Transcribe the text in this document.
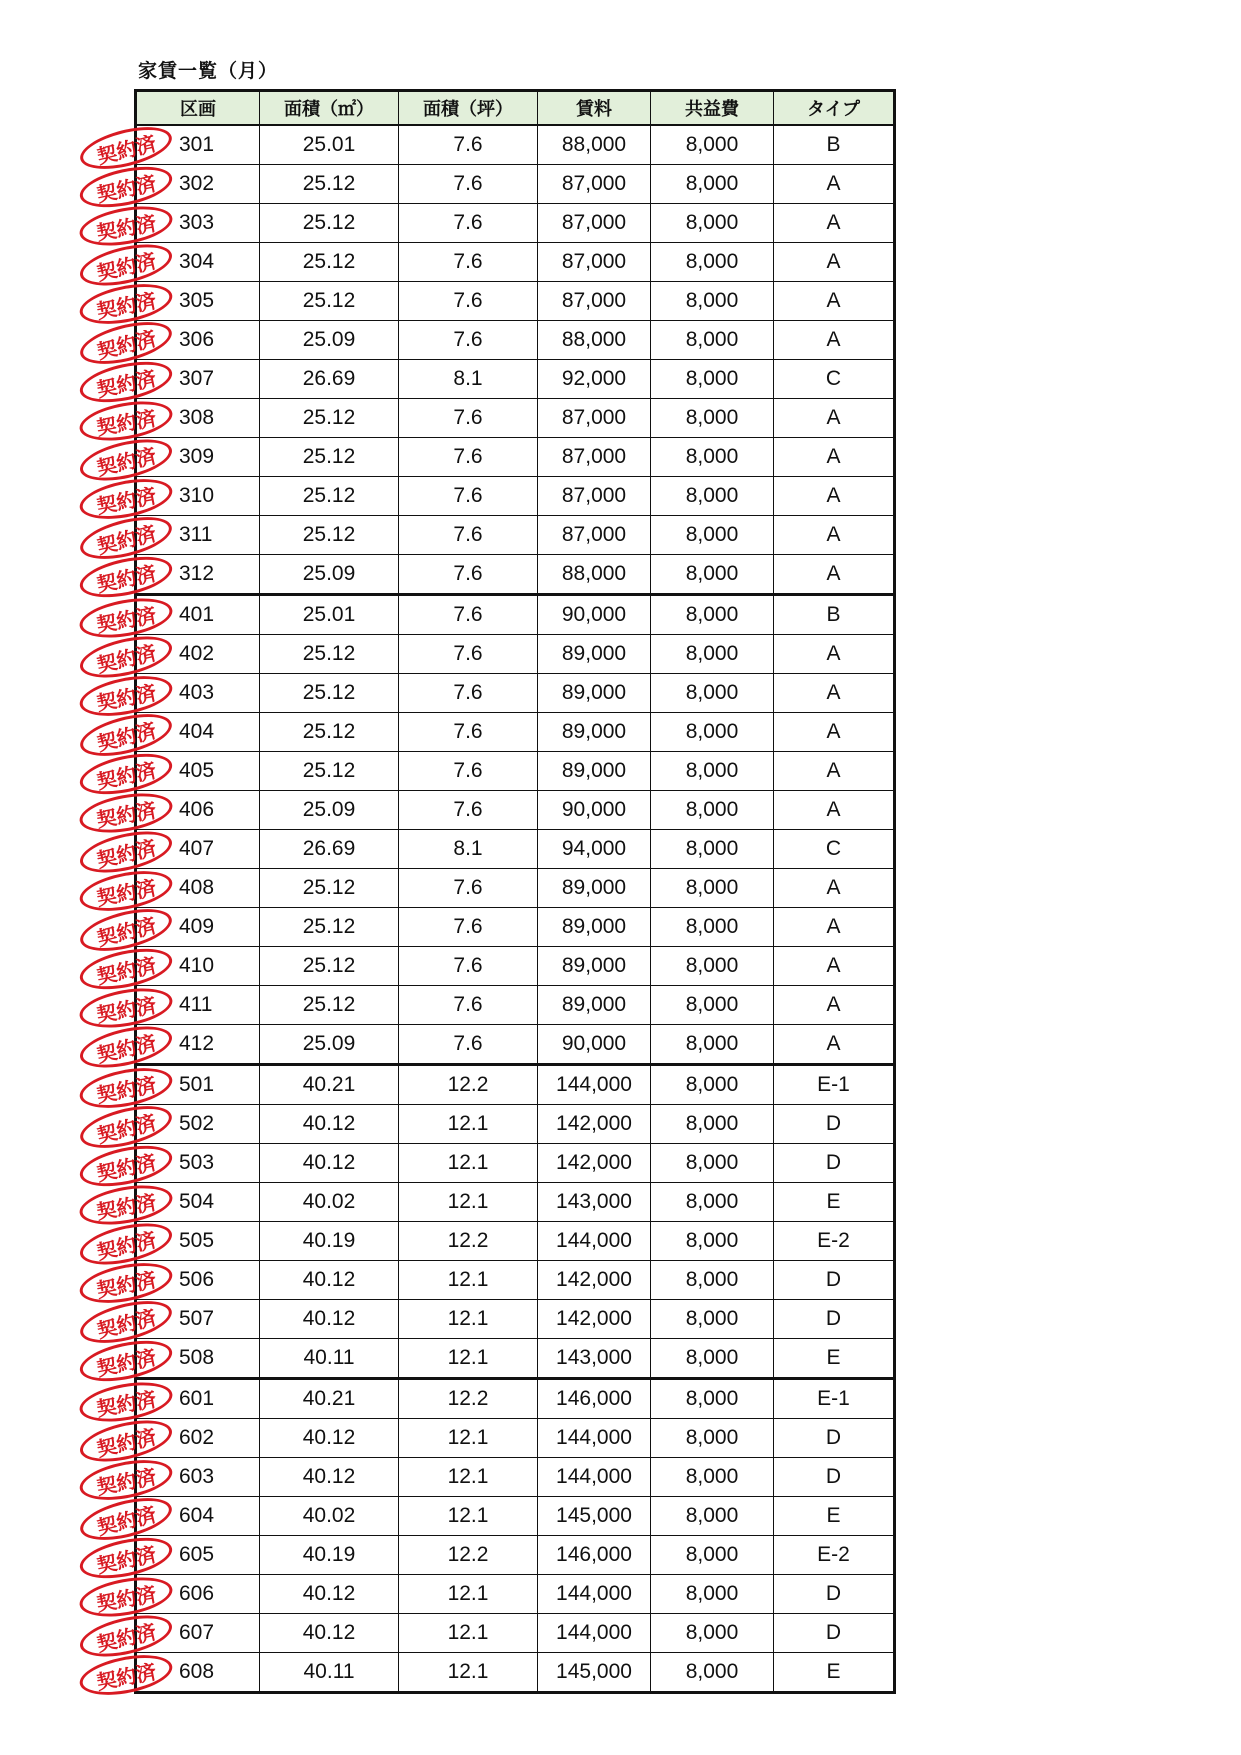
家賃一覧（月）
区画	面積（㎡）	面積（坪）	賃料	共益費	タイプ

契約済 301	25.01	7.6	88,000	8,000	B

契約済 302	25.12	7.6	87,000	8,000	A

契約済 303	25.12	7.6	87,000	8,000	A

契約済 304	25.12	7.6	87,000	8,000	A

契約済 305	25.12	7.6	87,000	8,000	A

契約済 306	25.09	7.6	88,000	8,000	A

契約済 307	26.69	8.1	92,000	8,000	C

契約済 308	25.12	7.6	87,000	8,000	A

契約済 309	25.12	7.6	87,000	8,000	A

契約済 310	25.12	7.6	87,000	8,000	A

契約済 311	25.12	7.6	87,000	8,000	A

契約済 312	25.09	7.6	88,000	8,000	A

契約済 401	25.01	7.6	90,000	8,000	B

契約済 402	25.12	7.6	89,000	8,000	A

契約済 403	25.12	7.6	89,000	8,000	A

契約済 404	25.12	7.6	89,000	8,000	A

契約済 405	25.12	7.6	89,000	8,000	A

契約済 406	25.09	7.6	90,000	8,000	A

契約済 407	26.69	8.1	94,000	8,000	C

契約済 408	25.12	7.6	89,000	8,000	A

契約済 409	25.12	7.6	89,000	8,000	A

契約済 410	25.12	7.6	89,000	8,000	A

契約済 411	25.12	7.6	89,000	8,000	A

契約済 412	25.09	7.6	90,000	8,000	A

契約済 501	40.21	12.2	144,000	8,000	E-1

契約済 502	40.12	12.1	142,000	8,000	D

契約済 503	40.12	12.1	142,000	8,000	D

契約済 504	40.02	12.1	143,000	8,000	E

契約済 505	40.19	12.2	144,000	8,000	E-2

契約済 506	40.12	12.1	142,000	8,000	D

契約済 507	40.12	12.1	142,000	8,000	D

契約済 508	40.11	12.1	143,000	8,000	E

契約済 601	40.21	12.2	146,000	8,000	E-1

契約済 602	40.12	12.1	144,000	8,000	D

契約済 603	40.12	12.1	144,000	8,000	D

契約済 604	40.02	12.1	145,000	8,000	E

契約済 605	40.19	12.2	146,000	8,000	E-2

契約済 606	40.12	12.1	144,000	8,000	D

契約済 607	40.12	12.1	144,000	8,000	D

契約済 608	40.11	12.1	145,000	8,000	E
